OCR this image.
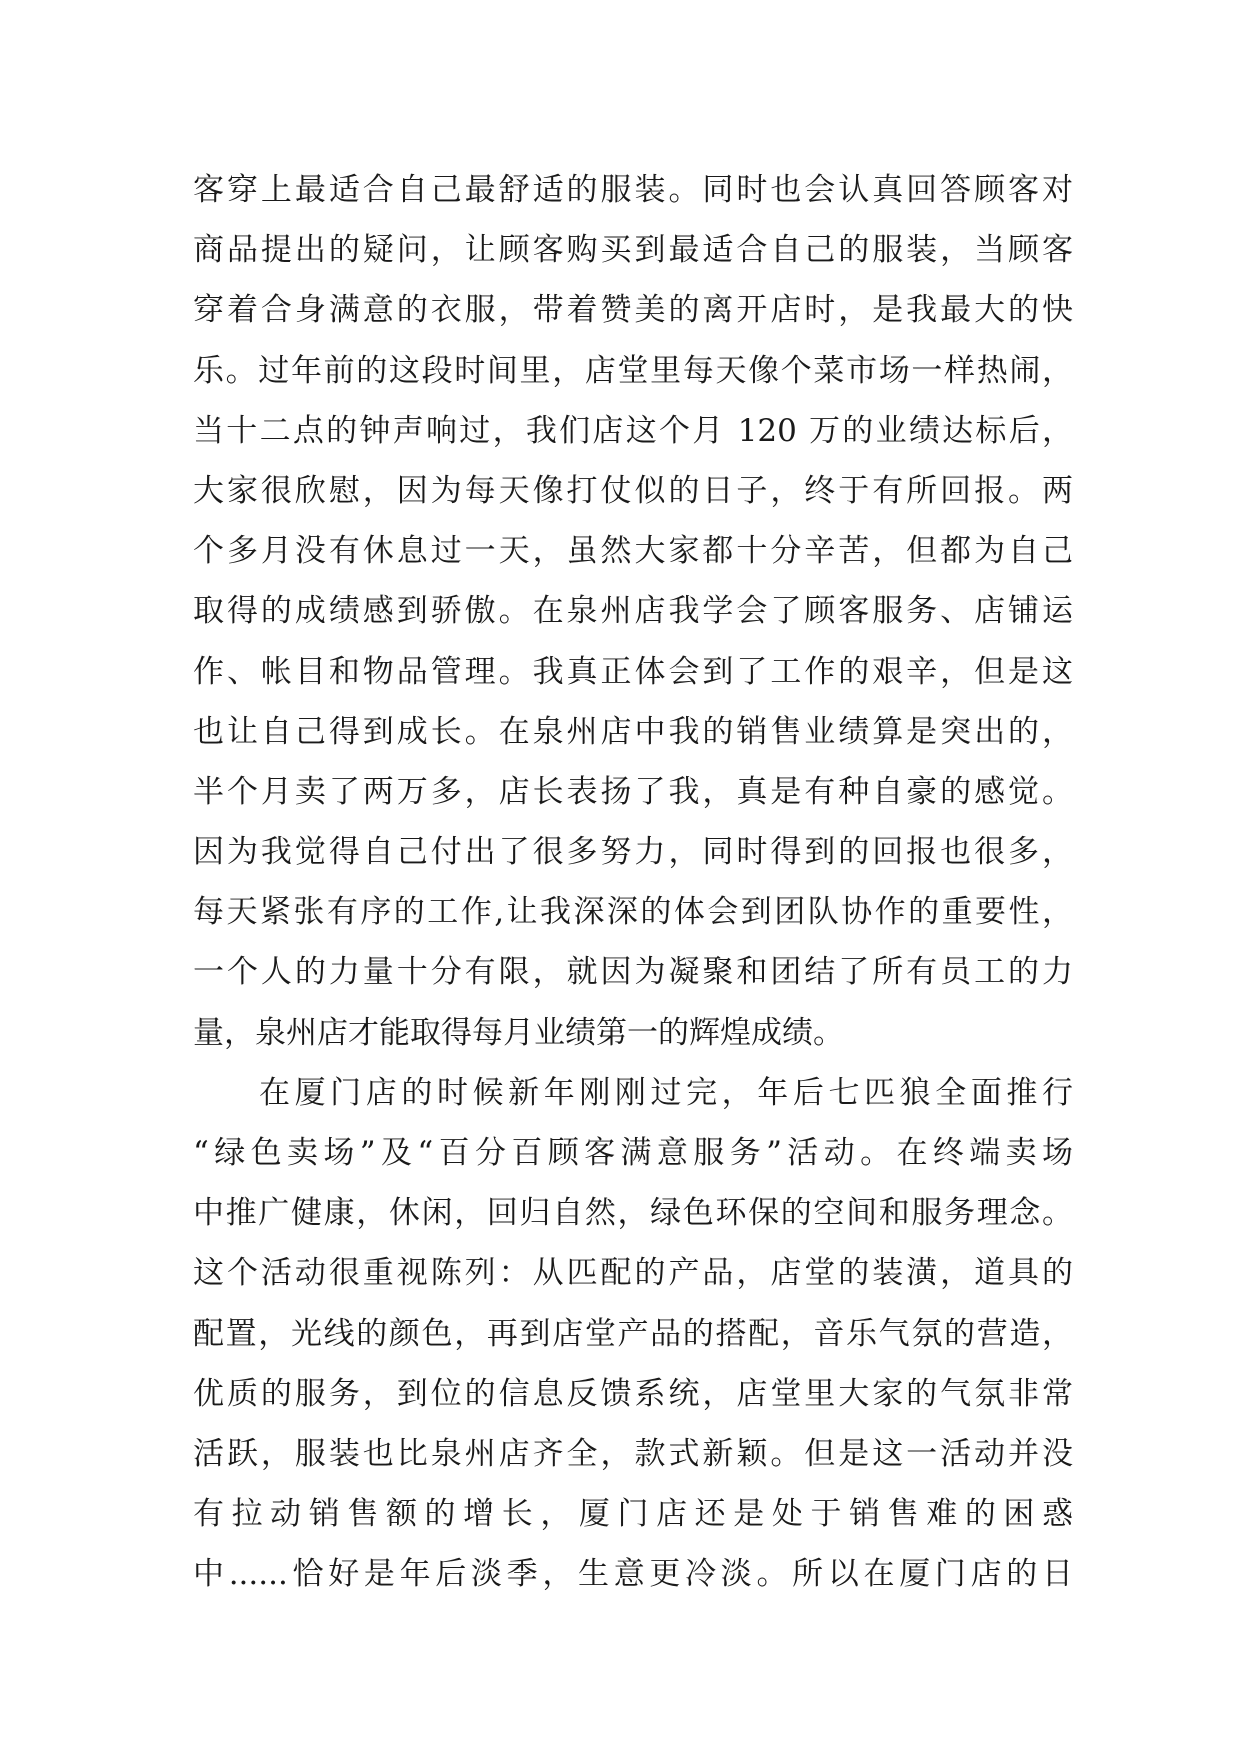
客穿上最适合自己最舒适的服装。同时也会认真回答顾客对
商品提出的疑问，让顾客购买到最适合自己的服装，当顾客
穿着合身满意的衣服，带着赞美的离开店时，是我最大的快
乐。过年前的这段时间里，店堂里每天像个菜市场一样热闹，
当十二点的钟声响过，我们店这个月 120 万的业绩达标后，
大家很欣慰，因为每天像打仗似的日子，终于有所回报。两
个多月没有休息过一天，虽然大家都十分辛苦，但都为自己
取得的成绩感到骄傲。在泉州店我学会了顾客服务、店铺运
作、帐目和物品管理。我真正体会到了工作的艰辛，但是这
也让自己得到成长。在泉州店中我的销售业绩算是突出的，
半个月卖了两万多，店长表扬了我，真是有种自豪的感觉。
因为我觉得自己付出了很多努力，同时得到的回报也很多，
每天紧张有序的工作,让我深深的体会到团队协作的重要性，
一个人的力量十分有限，就因为凝聚和团结了所有员工的力
量，泉州店才能取得每月业绩第一的辉煌成绩。
在厦门店的时候新年刚刚过完，年后七匹狼全面推行
“绿色卖场”及“百分百顾客满意服务”活动。在终端卖场
中推广健康，休闲，回归自然，绿色环保的空间和服务理念。
这个活动很重视陈列：从匹配的产品，店堂的装潢，道具的
配置，光线的颜色，再到店堂产品的搭配，音乐气氛的营造，
优质的服务，到位的信息反馈系统，店堂里大家的气氛非常
活跃，服装也比泉州店齐全，款式新颖。但是这一活动并没
有拉动销售额的增长，厦门店还是处于销售难的困惑
中......恰好是年后淡季，生意更冷淡。所以在厦门店的日
